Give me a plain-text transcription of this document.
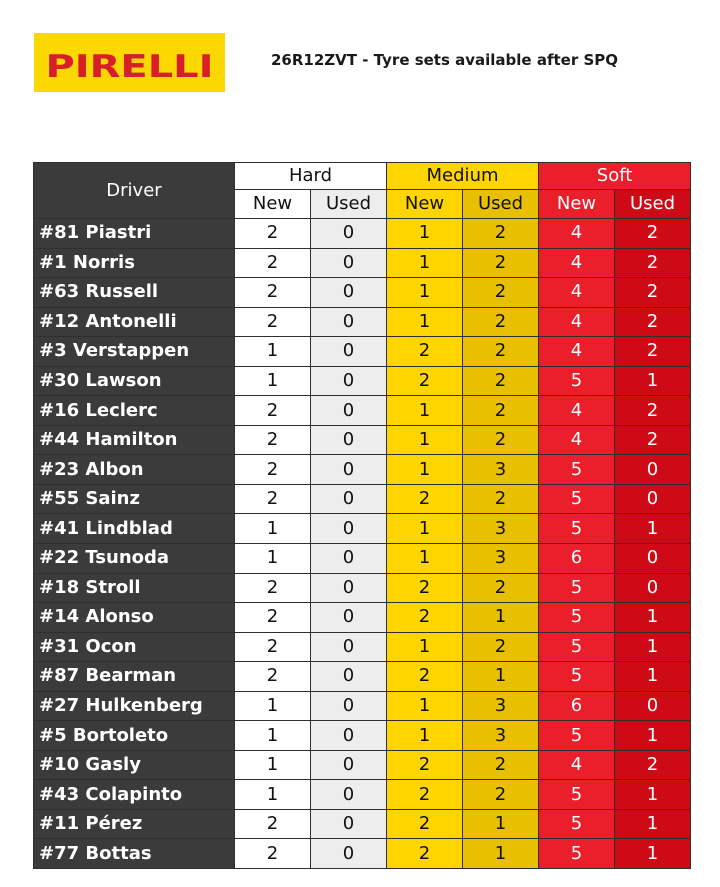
PIRELLI	26R12ZVT - Tyre sets available after SPQ
Driver	Hard		Medium		Soft	
	New	Used	New	Used	New	Used
#81 Piastri	2	0	1	2	4	2
#1 Norris	2	0	1	2	4	2
#63 Russell	2	0	1	2	4	2
#12 Antonelli	2	0	1	2	4	2
#3 Verstappen	1	0	2	2	4	2
#30 Lawson	1	0	2	2	5	1
#16 Leclerc	2	0	1	2	4	2
#44 Hamilton	2	0	1	2	4	2
#23 Albon	2	0	1	3	5	0
#55 Sainz	2	0	2	2	5	0
#41 Lindblad	1	0	1	3	5	1
#22 Tsunoda	1	0	1	3	6	0
#18 Stroll	2	0	2	2	5	0
#14 Alonso	2	0	2	1	5	1
#31 Ocon	2	0	1	2	5	1
#87 Bearman	2	0	2	1	5	1
#27 Hulkenberg	1	0	1	3	6	0
#5 Bortoleto	1	0	1	3	5	1
#10 Gasly	1	0	2	2	4	2
#43 Colapinto	1	0	2	2	5	1
#11 Pérez	2	0	2	1	5	1
#77 Bottas	2	0	2	1	5	1
